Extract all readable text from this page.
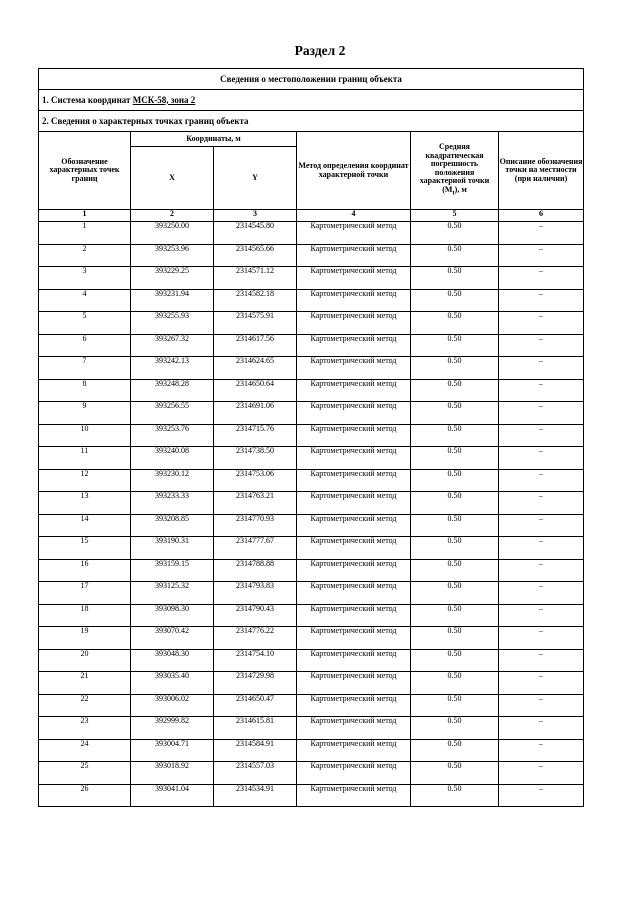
Раздел 2
Сведения о местоположении границ объекта					
1. Система координат МСК-58, зона 2					
2. Сведения о характерных точках границ объекта					
Обозначение характерных точек границ	Координаты, м		Метод определения координат характерной точки	Средняя квадратическая погрешность положения характерной точки $(M_t)$, м	Описание обозначения точки на местности (при наличии)
	X	Y			
1	2	3	4	5	6
1	393250.00	2314545.80	Картометрический метод	0.50	–
2	393253.96	2314565.66	Картометрический метод	0.50	–
3	393229.25	2314571.12	Картометрический метод	0.50	–
4	393231.94	2314582.18	Картометрический метод	0.50	–
5	393255.93	2314575.91	Картометрический метод	0.50	–
6	393267.32	2314617.56	Картометрический метод	0.50	–
7	393242.13	2314624.65	Картометрический метод	0.50	–
8	393248.28	2314650.64	Картометрический метод	0.50	–
9	393256.55	2314691.06	Картометрический метод	0.50	–
10	393253.76	2314715.76	Картометрический метод	0.50	–
11	393240.08	2314738.50	Картометрический метод	0.50	–
12	393230.12	2314753.06	Картометрический метод	0.50	–
13	393233.33	2314763.21	Картометрический метод	0.50	–
14	393208.85	2314770.93	Картометрический метод	0.50	–
15	393190.31	2314777.67	Картометрический метод	0.50	–
16	393159.15	2314788.88	Картометрический метод	0.50	–
17	393125.32	2314793.83	Картометрический метод	0.50	–
18	393098.30	2314790.43	Картометрический метод	0.50	–
19	393070.42	2314776.22	Картометрический метод	0.50	–
20	393048.30	2314754.10	Картометрический метод	0.50	–
21	393035.40	2314729.98	Картометрический метод	0.50	–
22	393006.02	2314650.47	Картометрический метод	0.50	–
23	392999.82	2314615.81	Картометрический метод	0.50	–
24	393004.71	2314584.91	Картометрический метод	0.50	–
25	393018.92	2314557.03	Картометрический метод	0.50	–
26	393041.04	2314534.91	Картометрический метод	0.50	–
